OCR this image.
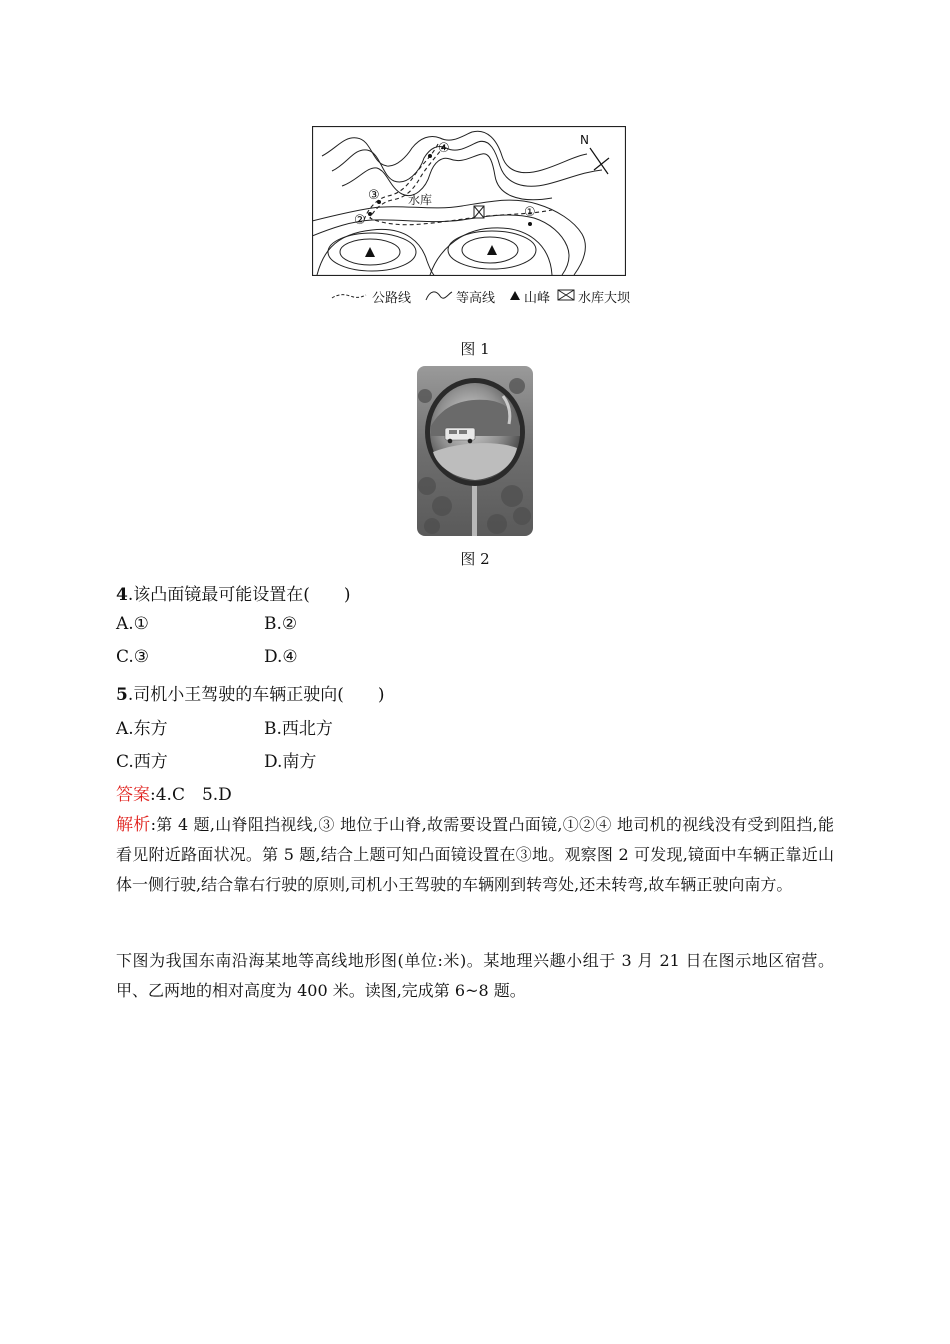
水库
①
②
③
④
N
公路线	等高线 山峰 水库大坝
图 1
图 2
4.该凸面镜最可能设置在(　　)
A.①	B.②
C.③	D.④
5.司机小王驾驶的车辆正驶向(　　)
A.东方	B.西北方
C.西方	D.南方
答案:4.C　5.D
解析:第 4 题,山脊阻挡视线,③ 地位于山脊,故需要设置凸面镜,①②④ 地司机的视线没有受到阻挡,能看见附近路面状况。第 5 题,结合上题可知凸面镜设置在③地。观察图 2 可发现,镜面中车辆正靠近山体一侧行驶,结合靠右行驶的原则,司机小王驾驶的车辆刚到转弯处,还未转弯,故车辆正驶向南方。
下图为我国东南沿海某地等高线地形图(单位:米)。某地理兴趣小组于 3 月 21 日在图示地区宿营。甲、乙两地的相对高度为 400 米。读图,完成第 6~8 题。
